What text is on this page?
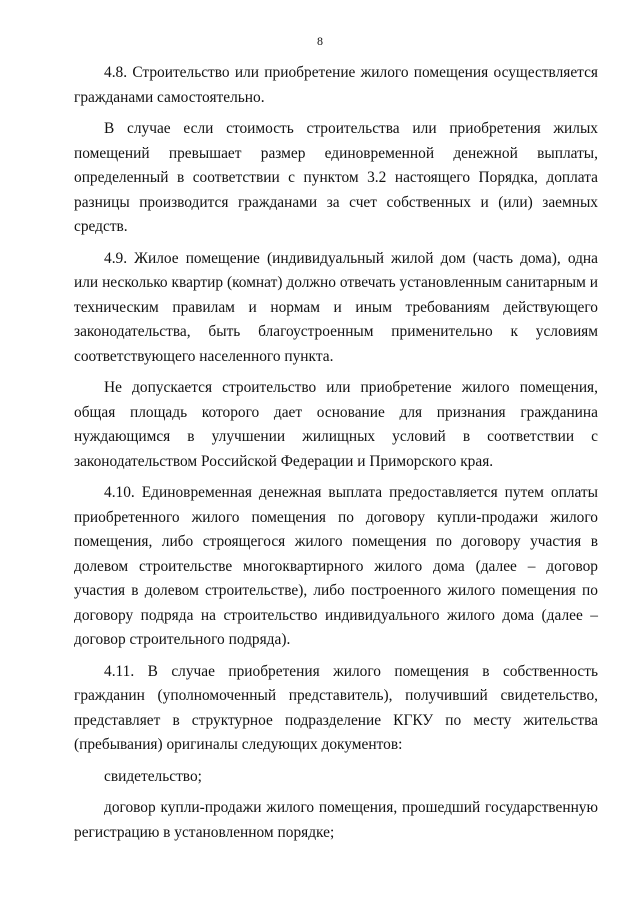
8

4.8. Строительство или приобретение жилого помещения осуществляется гражданами самостоятельно.

В случае если стоимость строительства или приобретения жилых помещений превышает размер единовременной денежной выплаты, определенный в соответствии с пунктом 3.2 настоящего Порядка, доплата разницы производится гражданами за счет собственных и (или) заемных средств.

4.9. Жилое помещение (индивидуальный жилой дом (часть дома), одна или несколько квартир (комнат) должно отвечать установленным санитарным и техническим правилам и нормам и иным требованиям действующего законодательства, быть благоустроенным применительно к условиям соответствующего населенного пункта.

Не допускается строительство или приобретение жилого помещения, общая площадь которого дает основание для признания гражданина нуждающимся в улучшении жилищных условий в соответствии с законодательством Российской Федерации и Приморского края.

4.10. Единовременная денежная выплата предоставляется путем оплаты приобретенного жилого помещения по договору купли-продажи жилого помещения, либо строящегося жилого помещения по договору участия в долевом строительстве многоквартирного жилого дома (далее – договор участия в долевом строительстве), либо построенного жилого помещения по договору подряда на строительство индивидуального жилого дома (далее – договор строительного подряда).

4.11. В случае приобретения жилого помещения в собственность гражданин (уполномоченный представитель), получивший свидетельство, представляет в структурное подразделение КГКУ по месту жительства (пребывания) оригиналы следующих документов:

свидетельство;

договор купли-продажи жилого помещения, прошедший государственную регистрацию в установленном порядке;
